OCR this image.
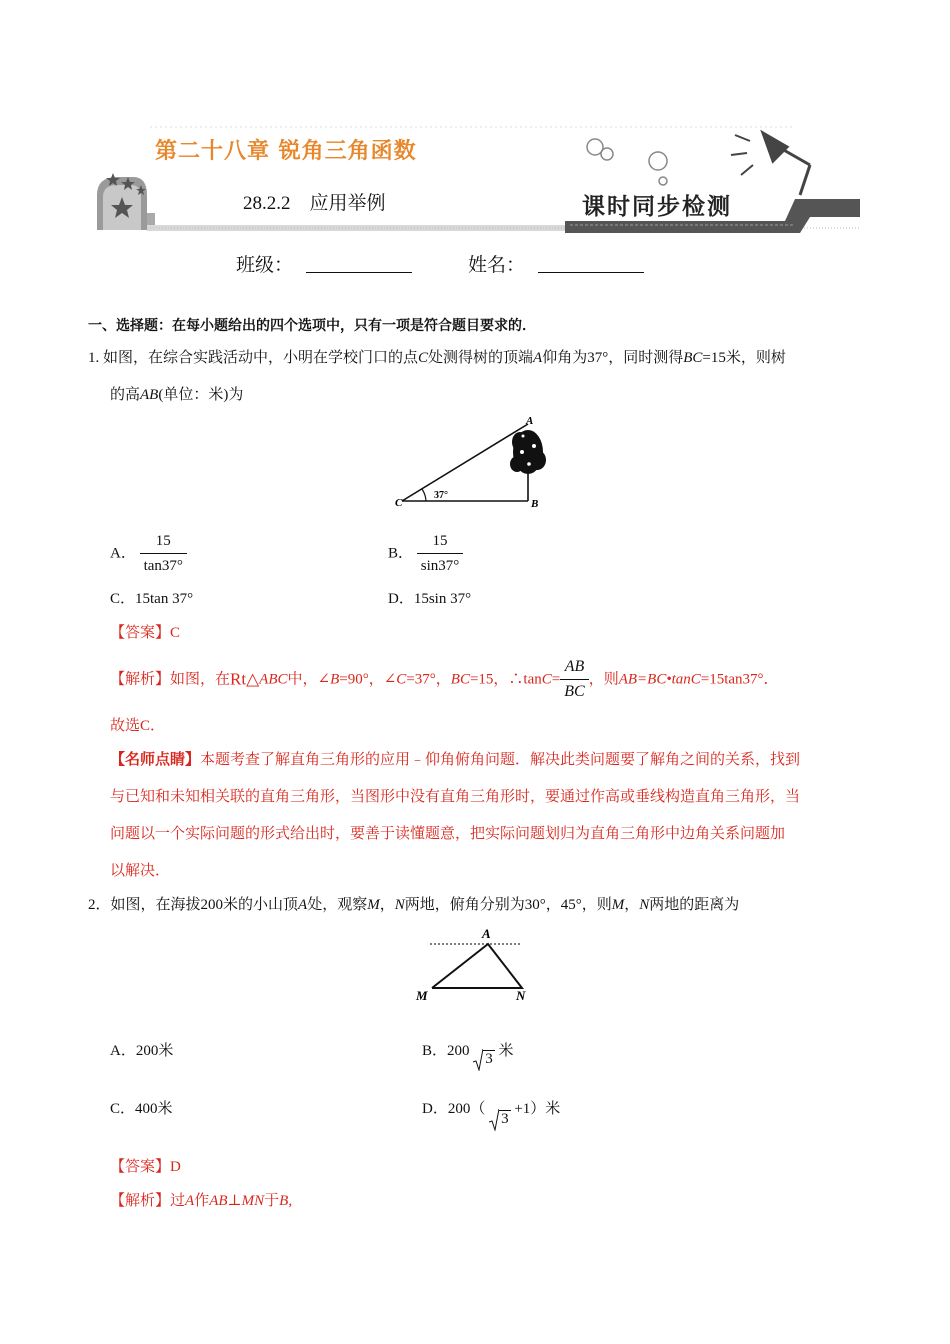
第二十八章 锐角三角函数
28.2.2　应用举例	课时同步检测
班级：	姓名：
一、选择题：在每小题给出的四个选项中，只有一项是符合题目要求的．
1. 如图，在综合实践活动中，小明在学校门口的点C处测得树的顶端A仰角为37°，同时测得BC=15米，则树
的高AB(单位：米)为
A
B
C
37°
A． $\frac{15}{\tan 37^\circ}$	B． $\frac{15}{\sin 37^\circ}$
C．15tan 37°	D．15sin 37°
【答案】C
【解析】如图，在Rt△ABC中，∠B=90°，∠C=37°，BC=15，∴tanC= $\frac{AB}{BC}$ ，则AB=BC•tanC=15tan37°．
故选C．
【名师点睛】本题考查了解直角三角形的应用﹣仰角俯角问题．解决此类问题要了解角之间的关系，找到
与已知和未知相关联的直角三角形，当图形中没有直角三角形时，要通过作高或垂线构造直角三角形，当
问题以一个实际问题的形式给出时，要善于读懂题意，把实际问题划归为直角三角形中边角关系问题加
以解决．
2．如图，在海拔200米的小山顶A处，观察M，N两地，俯角分别为30°，45°，则M，N两地的距离为
A
M	N
A．200米	B．200 3 米
C．400米	D．200（
3 +1）米
【答案】D
【解析】过A作AB⊥MN于B,
